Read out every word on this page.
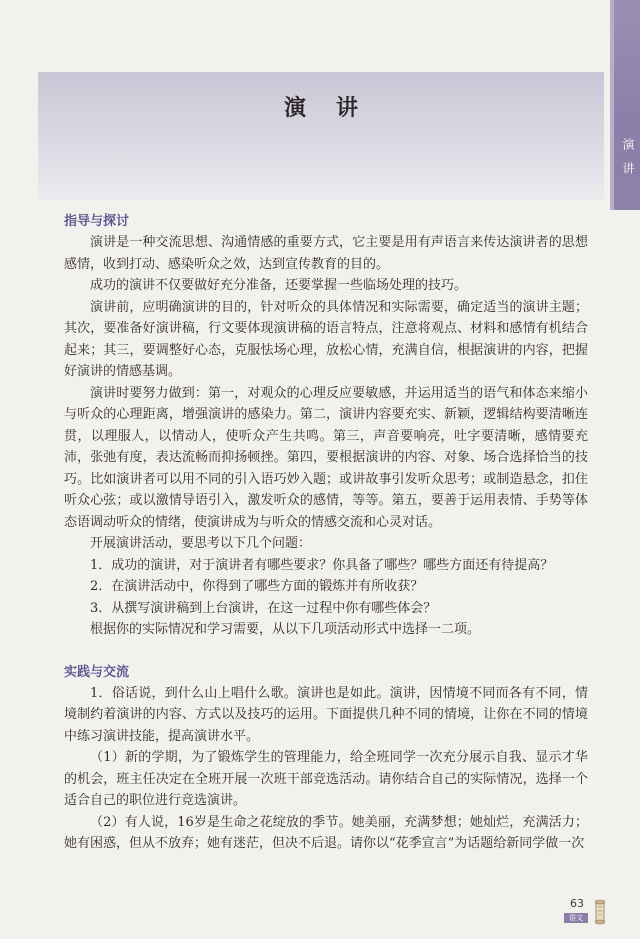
演讲
演讲
指导与探讨

演讲是一种交流思想、沟通情感的重要方式，它主要是用有声语言来传达演讲者的思想感情，收到打动、感染听众之效，达到宣传教育的目的。

成功的演讲不仅要做好充分准备，还要掌握一些临场处理的技巧。

演讲前，应明确演讲的目的，针对听众的具体情况和实际需要，确定适当的演讲主题；其次，要准备好演讲稿，行文要体现演讲稿的语言特点，注意将观点、材料和感情有机结合起来；其三，要调整好心态，克服怯场心理，放松心情，充满自信，根据演讲的内容，把握好演讲的情感基调。

演讲时要努力做到：第一，对观众的心理反应要敏感，并运用适当的语气和体态来缩小与听众的心理距离，增强演讲的感染力。第二，演讲内容要充实、新颖，逻辑结构要清晰连贯，以理服人，以情动人，使听众产生共鸣。第三，声音要响亮，吐字要清晰，感情要充沛，张弛有度，表达流畅而抑扬顿挫。第四，要根据演讲的内容、对象、场合选择恰当的技巧。比如演讲者可以用不同的引入语巧妙入题；或讲故事引发听众思考；或制造悬念，扣住听众心弦；或以激情导语引入，激发听众的感情，等等。第五，要善于运用表情、手势等体态语调动听众的情绪，使演讲成为与听众的情感交流和心灵对话。

开展演讲活动，要思考以下几个问题：

1．成功的演讲，对于演讲者有哪些要求？你具备了哪些？哪些方面还有待提高？

2．在演讲活动中，你得到了哪些方面的锻炼并有所收获？

3．从撰写演讲稿到上台演讲，在这一过程中你有哪些体会？

根据你的实际情况和学习需要，从以下几项活动形式中选择一二项。

实践与交流

1．俗话说，到什么山上唱什么歌。演讲也是如此。演讲，因情境不同而各有不同，情境制约着演讲的内容、方式以及技巧的运用。下面提供几种不同的情境，让你在不同的情境中练习演讲技能，提高演讲水平。

（1）新的学期，为了锻炼学生的管理能力，给全班同学一次充分展示自我、显示才华的机会，班主任决定在全班开展一次班干部竞选活动。请你结合自己的实际情况，选择一个适合自己的职位进行竞选演讲。

（2）有人说，16岁是生命之花绽放的季节。她美丽，充满梦想；她灿烂，充满活力；她有困惑，但从不放弃；她有迷茫，但决不后退。请你以“花季宣言”为话题给新同学做一次

63
语文
